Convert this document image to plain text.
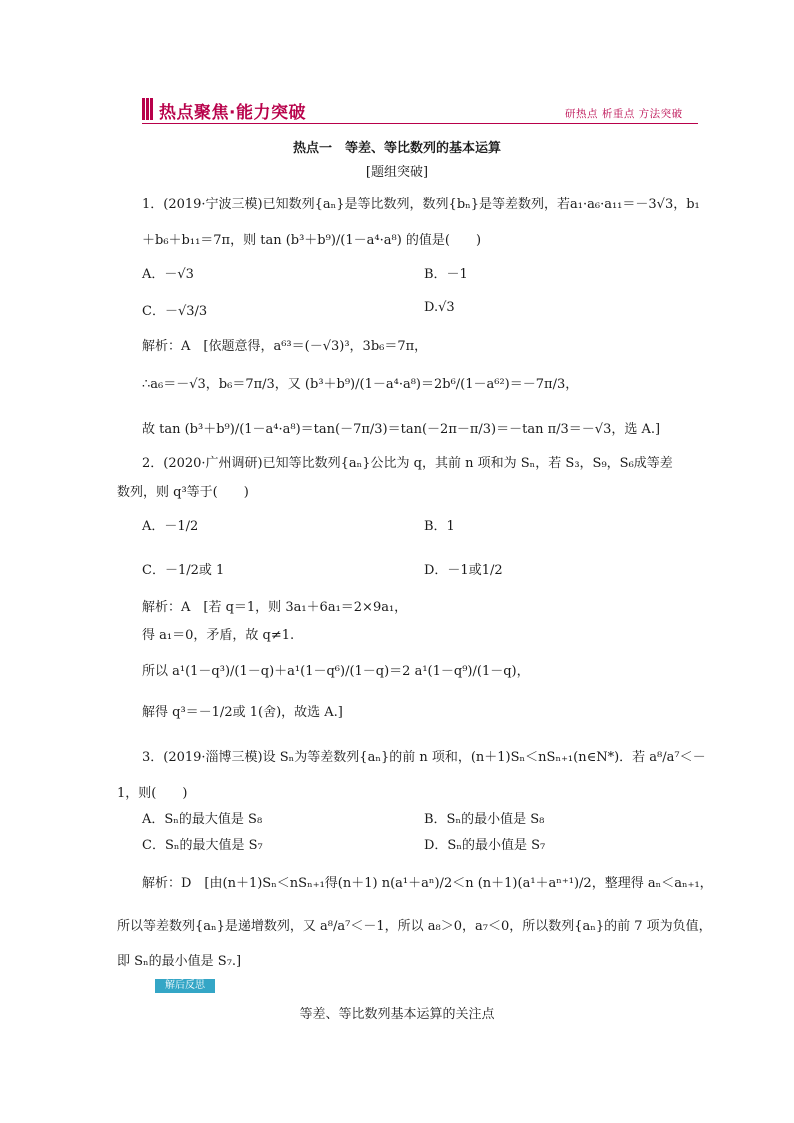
热点聚焦·能力突破	研热点 析重点 方法突破
热点一　等差、等比数列的基本运算
[题组突破]
1．(2019·宁波三模)已知数列{aₙ}是等比数列，数列{bₙ}是等差数列，若a₁·a₆·a₁₁＝－3√3，b₁
＋b₆＋b₁₁＝7π，则 tan (b³＋b⁹)/(1－a⁴·a⁸) 的值是(　　)
A．－√3	B．－1
C．－√3/3	D.√3
解析：A　[依题意得，a⁶³＝(－√3)³，3b₆＝7π，
∴a₆＝－√3，b₆＝7π/3，又 (b³＋b⁹)/(1－a⁴·a⁸)＝2b⁶/(1－a⁶²)＝－7π/3，
故 tan (b³＋b⁹)/(1－a⁴·a⁸)＝tan(－7π/3)＝tan(－2π－π/3)＝－tan π/3＝－√3，选 A.]
2．(2020·广州调研)已知等比数列{aₙ}公比为 q，其前 n 项和为 Sₙ，若 S₃，S₉，S₆成等差
数列，则 q³等于(　　)
A．－1/2	B．1
C．－1/2或 1	D．－1或1/2
解析：A　[若 q＝1，则 3a₁＋6a₁＝2×9a₁，
得 a₁＝0，矛盾，故 q≠1.
所以 a¹(1－q³)/(1－q)＋a¹(1－q⁶)/(1－q)＝2 a¹(1－q⁹)/(1－q)，
解得 q³＝－1/2或 1(舍)，故选 A.]
3．(2019·淄博三模)设 Sₙ为等差数列{aₙ}的前 n 项和，(n＋1)Sₙ＜nSₙ₊₁(n∈N*)．若 a⁸/a⁷＜－
1，则(　　)
A．Sₙ的最大值是 S₈	B．Sₙ的最小值是 S₈
C．Sₙ的最大值是 S₇	D．Sₙ的最小值是 S₇
解析：D　[由(n＋1)Sₙ＜nSₙ₊₁得(n＋1) n(a¹＋aⁿ)/2＜n (n＋1)(a¹＋aⁿ⁺¹)/2，整理得 aₙ＜aₙ₊₁，
所以等差数列{aₙ}是递增数列，又 a⁸/a⁷＜－1，所以 a₈＞0，a₇＜0，所以数列{aₙ}的前 7 项为负值，
即 Sₙ的最小值是 S₇.]
解后反思
等差、等比数列基本运算的关注点
